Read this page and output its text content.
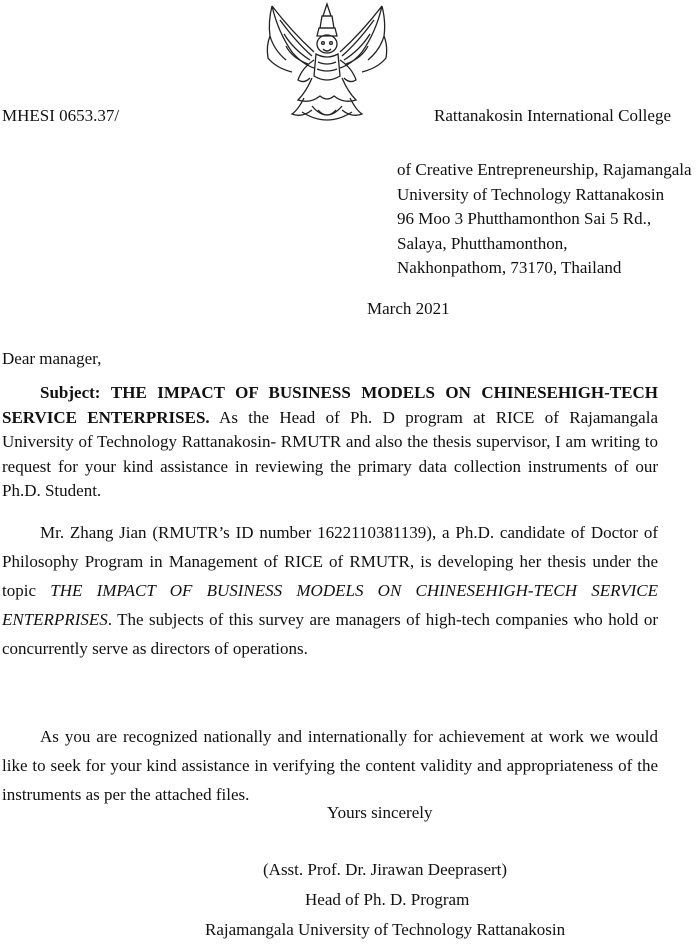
MHESI 0653.37/	Rattanakosin International College
of Creative Entrepreneurship, Rajamangala
University of Technology Rattanakosin
96 Moo 3 Phutthamonthon Sai 5 Rd.,
Salaya, Phutthamonthon,
Nakhonpathom, 73170, Thailand
March 2021
Dear manager,
Subject: THE IMPACT OF BUSINESS MODELS ON CHINESEHIGH-TECH SERVICE ENTERPRISES. As the Head of Ph. D program at RICE of Rajamangala University of Technology Rattanakosin- RMUTR and also the thesis supervisor, I am writing to request for your kind assistance in reviewing the primary data collection instruments of our Ph.D. Student.
Mr. Zhang Jian (RMUTR’s ID number 1622110381139), a Ph.D. candidate of Doctor of Philosophy Program in Management of RICE of RMUTR, is developing her thesis under the topic THE IMPACT OF BUSINESS MODELS ON CHINESEHIGH-TECH SERVICE ENTERPRISES. The subjects of this survey are managers of high-tech companies who hold or concurrently serve as directors of operations.
As you are recognized nationally and internationally for achievement at work we would like to seek for your kind assistance in verifying the content validity and appropriateness of the instruments as per the attached files.
Yours sincerely
(Asst. Prof. Dr. Jirawan Deeprasert)
Head of Ph. D. Program
Rajamangala University of Technology Rattanakosin
